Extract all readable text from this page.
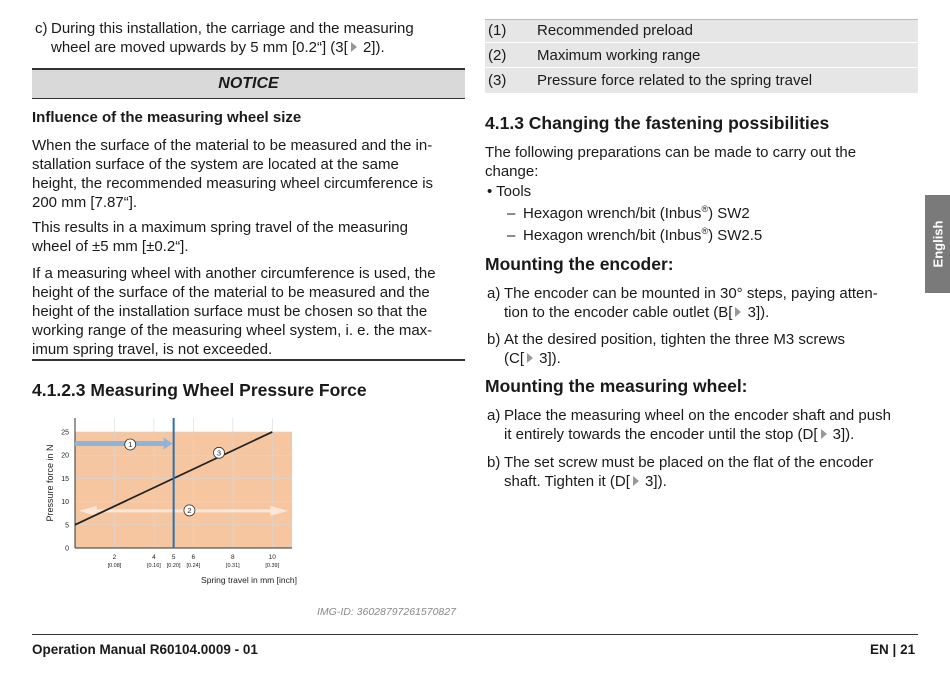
c) During this installation, the carriage and the measuring
wheel are moved upwards by 5 mm [0.2“] (3[ 2]).
NOTICE
Influence of the measuring wheel size
When the surface of the material to be measured and the in-
stallation surface of the system are located at the same
height, the recommended measuring wheel circumference is
200 mm [7.87“].
This results in a maximum spring travel of the measuring
wheel of ±5 mm [±0.2“].
If a measuring wheel with another circumference is used, the
height of the surface of the material to be measured and the
height of the installation surface must be chosen so that the
working range of the measuring wheel system, i. e. the max-
imum spring travel, is not exceeded.
4.1.2.3 Measuring Wheel Pressure Force
0
5
10
15
20
25
2
[0.08]
4
[0.16]
5
[0.20]
6
[0.24]
8
[0.31]
10
[0.39]
Pressure force in N
Spring travel in mm [inch]
1
2
3
IMG-ID: 36028797261570827
(1) Recommended preload
(2) Maximum working range
(3) Pressure force related to the spring travel
4.1.3 Changing the fastening possibilities
The following preparations can be made to carry out the
change:
• Tools
– Hexagon wrench/bit (Inbus®) SW2
– Hexagon wrench/bit (Inbus®) SW2.5
Mounting the encoder:
a) The encoder can be mounted in 30° steps, paying atten-
tion to the encoder cable outlet (B[ 3]).
b) At the desired position, tighten the three M3 screws
(C[ 3]).
Mounting the measuring wheel:
a) Place the measuring wheel on the encoder shaft and push
it entirely towards the encoder until the stop (D[ 3]).
b) The set screw must be placed on the flat of the encoder
shaft. Tighten it (D[ 3]).
English
Operation Manual R60104.0009 - 01	EN | 21
